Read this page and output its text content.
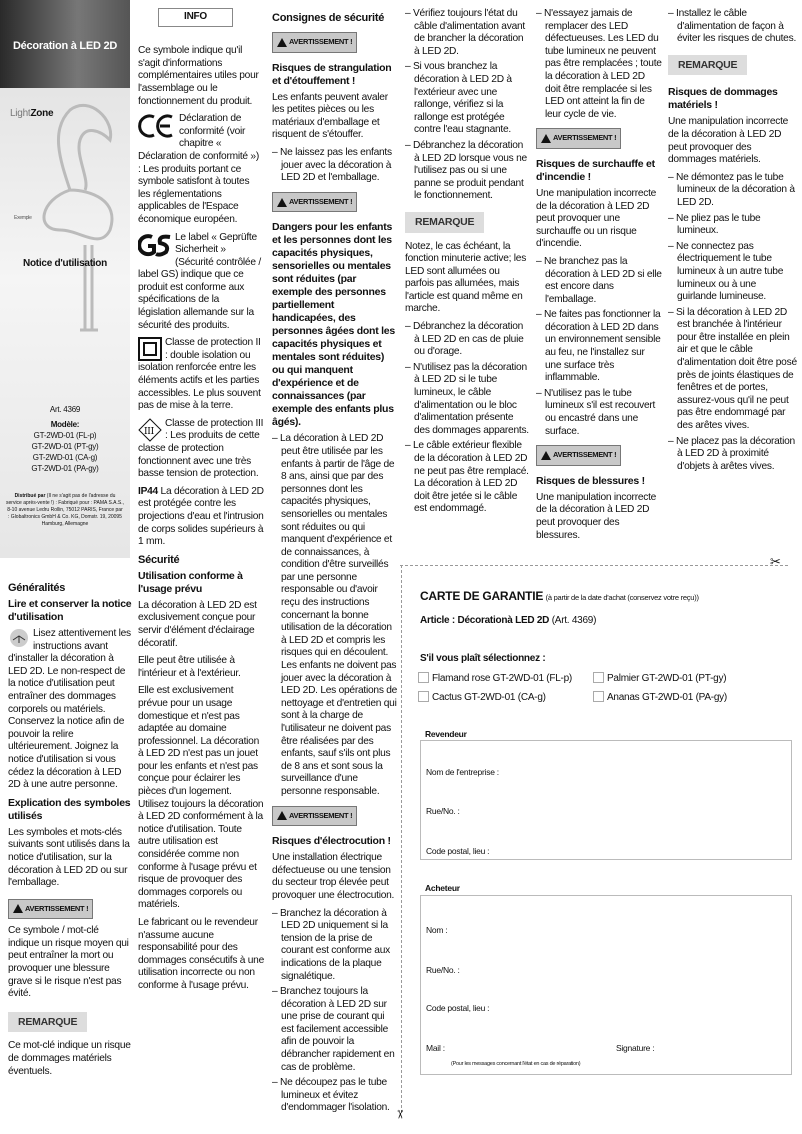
Décoration à LED 2D
LightZone
Exemple
Notice d'utilisation
Art. 4369
Modèle:
GT-2WD-01 (FL-p)
GT-2WD-01 (PT-gy)
GT-2WD-01 (CA-g)
GT-2WD-01 (PA-gy)
Distribué par (Il ne s'agit pas de l'adresse du service après-vente !) : Fabriqué pour : PAMA S.A.S., 8-10 avenue Ledru Rollin, 75012 PARIS, France par : Globaltronics GmbH & Co. KG, Domstr. 19, 20095 Hamburg, Allemagne
Généralités
Lire et conserver la notice d'utilisation

Lisez attentivement les instructions avant d'installer la décoration à LED 2D. Le non-respect de la notice d'utilisation peut entraîner des dommages corporels ou matériels. Conservez la notice afin de pouvoir la relire ultérieurement. Joignez la notice d'utilisation si vous cédez la décoration à LED 2D à une autre personne.

Explication des symboles utilisés

Les symboles et mots-clés suivants sont utilisés dans la notice d'utilisation, sur la décoration à LED 2D ou sur l'emballage.

AVERTISSEMENT !

Ce symbole / mot-clé indique un risque moyen qui peut entraîner la mort ou provoquer une blessure grave si le risque n'est pas évité.

REMARQUE

Ce mot-clé indique un risque de dommages matériels éventuels.

INFO

Ce symbole indique qu'il s'agit d'informations complémentaires utiles pour l'assemblage ou le fonctionnement du produit.

Déclaration de conformité (voir chapitre « Déclaration de conformité ») : Les produits portant ce symbole satisfont à toutes les réglementations applicables de l'Espace économique européen.

Le label « Geprüfte Sicherheit » (Sécurité contrôlée / label GS) indique que ce produit est conforme aux spécifications de la législation allemande sur la sécurité des produits.

Classe de protection II : double isolation ou isolation renforcée entre les éléments actifs et les parties accessibles. Le plus souvent pas de mise à la terre.

III
Classe de protection III : Les produits de cette classe de protection fonctionnent avec une très basse tension de protection.

IP44 La décoration à LED 2D est protégée contre les projections d'eau et l'intrusion de corps solides supérieurs à 1 mm.

Sécurité
Utilisation conforme à l'usage prévu

La décoration à LED 2D est exclusivement conçue pour servir d'élément d'éclairage décoratif.

Elle peut être utilisée à l'intérieur et à l'extérieur.

Elle est exclusivement prévue pour un usage domestique et n'est pas adaptée au domaine professionnel. La décoration à LED 2D n'est pas un jouet pour les enfants et n'est pas conçue pour éclairer les pièces d'un logement. Utilisez toujours la décoration à LED 2D conformément à la notice d'utilisation. Toute autre utilisation est considérée comme non conforme à l'usage prévu et risque de provoquer des dommages corporels ou matériels.

Le fabricant ou le revendeur n'assume aucune responsabilité pour des dommages consécutifs à une utilisation incorrecte ou non conforme à l'usage prévu.

Consignes de sécurité
AVERTISSEMENT !

Risques de strangulation et d'étouffement !

Les enfants peuvent avaler les petites pièces ou les matériaux d'emballage et risquent de s'étouffer.

– Ne laissez pas les enfants jouer avec la décoration à LED 2D et l'emballage.

AVERTISSEMENT !

Dangers pour les enfants et les personnes dont les capacités physiques, sensorielles ou mentales sont réduites (par exemple des personnes partiellement handicapées, des personnes âgées dont les capacités physiques et mentales sont réduites) ou qui manquent d'expérience et de connaissances (par exemple des enfants plus âgés).

– La décoration à LED 2D peut être utilisée par les enfants à partir de l'âge de 8 ans, ainsi que par des personnes dont les capacités physiques, sensorielles ou mentales sont réduites ou qui manquent d'expérience et de connaissances, à condition d'être surveillés par une personne responsable ou d'avoir reçu des instructions concernant la bonne utilisation de la décoration à LED 2D et compris les risques qui en découlent. Les enfants ne doivent pas jouer avec la décoration à LED 2D. Les opérations de nettoyage et d'entretien qui sont à la charge de l'utilisateur ne doivent pas être réalisées par des enfants, sauf s'ils ont plus de 8 ans et sont sous la surveillance d'une personne responsable.

AVERTISSEMENT !

Risques d'électrocution !

Une installation électrique défectueuse ou une tension du secteur trop élevée peut provoquer une électrocution.

– Branchez la décoration à LED 2D uniquement si la tension de la prise de courant est conforme aux indications de la plaque signalétique.

– Branchez toujours la décoration à LED 2D sur une prise de courant qui est facilement accessible afin de pouvoir la débrancher rapidement en cas de problème.

– Ne découpez pas le tube lumineux et évitez d'endommager l'isolation.

– Vérifiez toujours l'état du câble d'alimentation avant de brancher la décoration à LED 2D.

– Si vous branchez la décoration à LED 2D à l'extérieur avec une rallonge, vérifiez si la rallonge est protégée contre l'eau stagnante.

– Débranchez la décoration à LED 2D lorsque vous ne l'utilisez pas ou si une panne se produit pendant le fonctionnement.

REMARQUE

Notez, le cas échéant, la fonction minuterie active; les LED sont allumées ou parfois pas allumées, mais l'article est quand même en marche.

– Débranchez la décoration à LED 2D en cas de pluie ou d'orage.

– N'utilisez pas la décoration à LED 2D si le tube lumineux, le câble d'alimentation ou le bloc d'alimentation présente des dommages apparents.

– Le câble extérieur flexible de la décoration à LED 2D ne peut pas être remplacé. La décoration à LED 2D doit être jetée si le câble est endommagé.

– N'essayez jamais de remplacer des LED défectueuses. Les LED du tube lumineux ne peuvent pas être remplacées ; toute la décoration à LED 2D doit être remplacée si les LED ont atteint la fin de leur cycle de vie.

AVERTISSEMENT !

Risques de surchauffe et d'incendie !

Une manipulation incorrecte de la décoration à LED 2D peut provoquer une surchauffe ou un risque d'incendie.

– Ne branchez pas la décoration à LED 2D si elle est encore dans l'emballage.

– Ne faites pas fonctionner la décoration à LED 2D dans un environnement sensible au feu, ne l'installez sur une surface très inflammable.

– N'utilisez pas le tube lumineux s'il est recouvert ou encastré dans une surface.

AVERTISSEMENT !

Risques de blessures !

Une manipulation incorrecte de la décoration à LED 2D peut provoquer des blessures.

– Installez le câble d'alimentation de façon à éviter les risques de chutes.

REMARQUE

Risques de dommages matériels !

Une manipulation incorrecte de la décoration à LED 2D peut provoquer des dommages matériels.

– Ne démontez pas le tube lumineux de la décoration à LED 2D.

– Ne pliez pas le tube lumineux.

– Ne connectez pas électriquement le tube lumineux à un autre tube lumineux ou à une guirlande lumineuse.

– Si la décoration à LED 2D est branchée à l'intérieur pour être installée en plein air et que le câble d'alimentation doit être posé près de joints élastiques de fenêtres et de portes, assurez-vous qu'il ne peut pas être endommagé par des arêtes vives.

– Ne placez pas la décoration à LED 2D à proximité d'objets à arêtes vives.

✂
✂
CARTE DE GARANTIE (à partir de la date d'achat (conservez votre reçu))
Article : Décorationà LED 2D (Art. 4369)
S'il vous plaît sélectionnez :
Flamand rose GT-2WD-01 (FL-p)	Palmier GT-2WD-01 (PT-gy)
Cactus GT-2WD-01 (CA-g)	Ananas GT-2WD-01 (PA-gy)
Revendeur
Nom de l'entreprise :
Rue/No. :
Code postal, lieu :
Acheteur
Nom :
Rue/No. :
Code postal, lieu :
Mail :	Signature :
(Pour les messages concernant l'état en cas de réparation)
